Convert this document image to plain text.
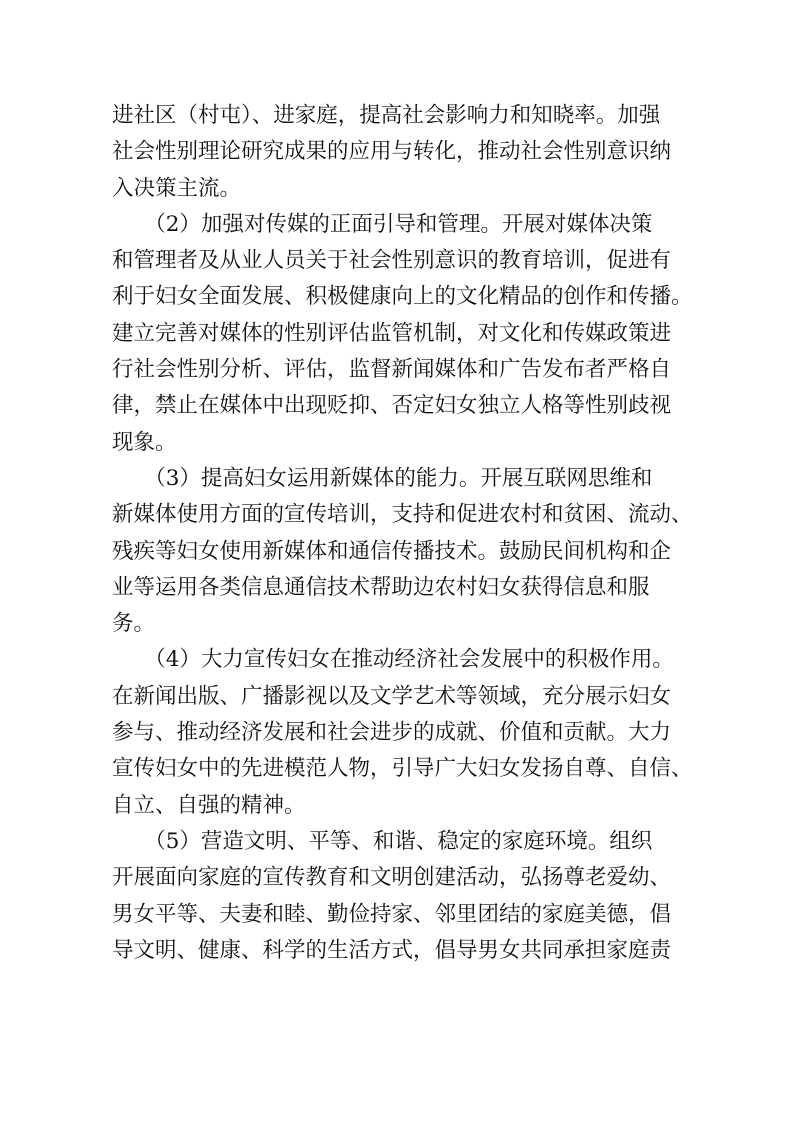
进社区（村屯）、进家庭，提高社会影响力和知晓率。加强
社会性别理论研究成果的应用与转化，推动社会性别意识纳
入决策主流。
　　（2）加强对传媒的正面引导和管理。开展对媒体决策
和管理者及从业人员关于社会性别意识的教育培训，促进有
利于妇女全面发展、积极健康向上的文化精品的创作和传播。
建立完善对媒体的性别评估监管机制，对文化和传媒政策进
行社会性别分析、评估，监督新闻媒体和广告发布者严格自
律，禁止在媒体中出现贬抑、否定妇女独立人格等性别歧视
现象。
　　（3）提高妇女运用新媒体的能力。开展互联网思维和
新媒体使用方面的宣传培训，支持和促进农村和贫困、流动、
残疾等妇女使用新媒体和通信传播技术。鼓励民间机构和企
业等运用各类信息通信技术帮助边农村妇女获得信息和服
务。
　　（4）大力宣传妇女在推动经济社会发展中的积极作用。
在新闻出版、广播影视以及文学艺术等领域，充分展示妇女
参与、推动经济发展和社会进步的成就、价值和贡献。大力
宣传妇女中的先进模范人物，引导广大妇女发扬自尊、自信、
自立、自强的精神。
　　（5）营造文明、平等、和谐、稳定的家庭环境。组织
开展面向家庭的宣传教育和文明创建活动，弘扬尊老爱幼、
男女平等、夫妻和睦、勤俭持家、邻里团结的家庭美德，倡
导文明、健康、科学的生活方式，倡导男女共同承担家庭责
